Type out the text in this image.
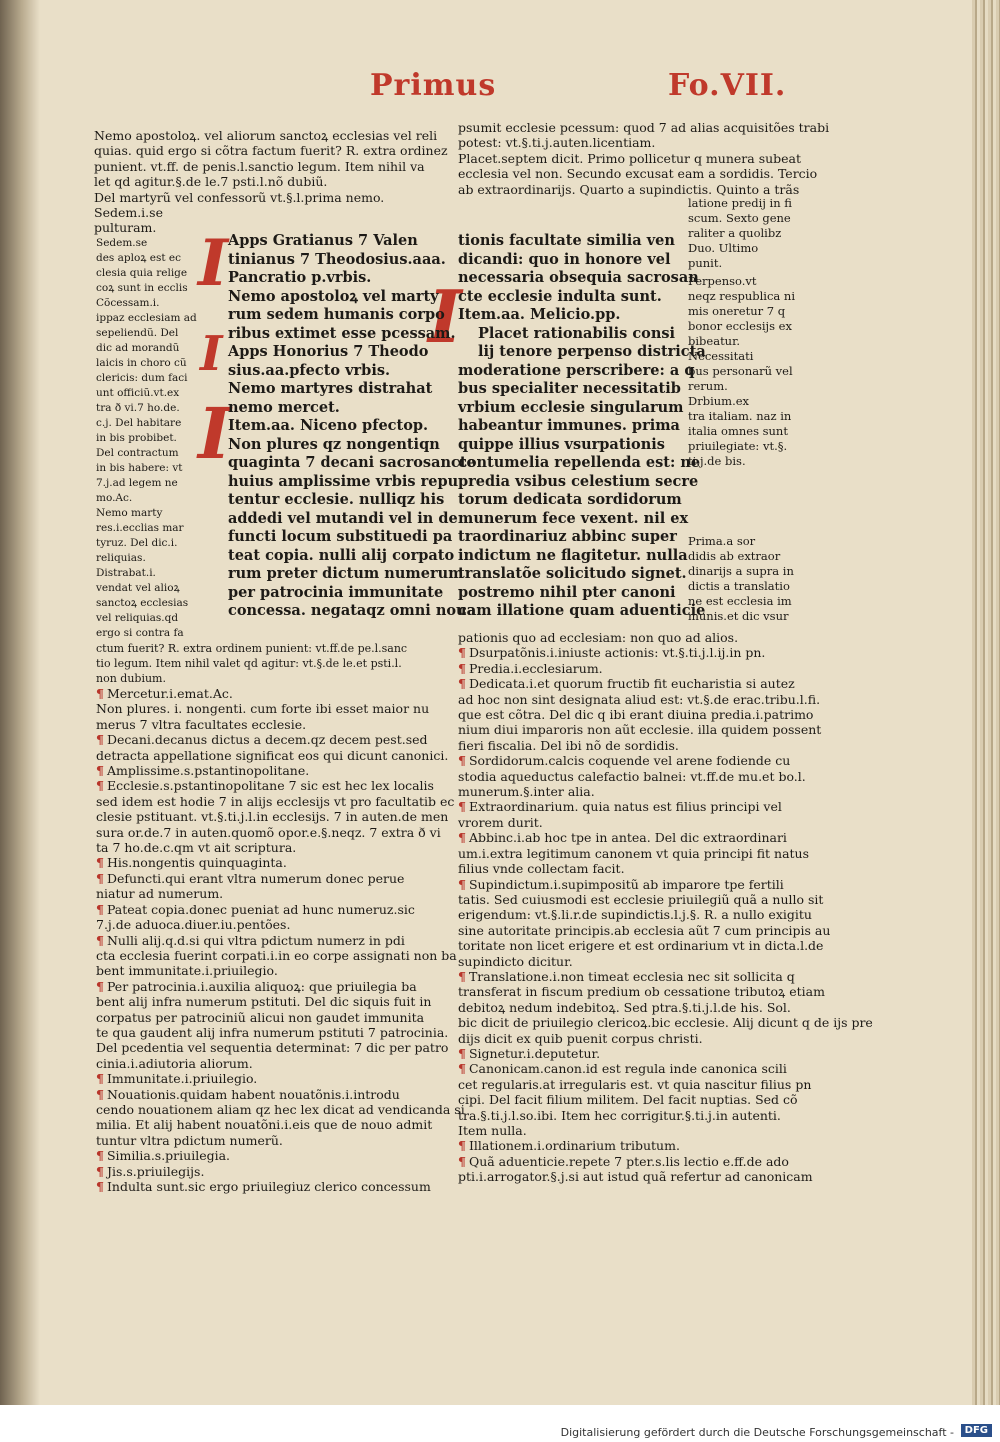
Primus	Fo.VII.

Nemo apostoloꝝ. vel aliorum sanctoꝝ ecclesias vel reli

quias. quid ergo si cõtra factum fuerit? R. extra ordinez

punient. vt.ff. de penis.l.sanctio legum. Item nihil va

let qd agitur.§.de le.7 psti.l.nõ dubiũ.

Del martyrũ vel confessorũ vt.§.l.prima nemo.

Sedem.i.se

pulturam.

Sedem.se

des aploꝝ est ec

clesia quia relige

coꝝ sunt in ecclis

Cõcessam.i.

ippaz ecclesiam ad

sepeliendũ. Del

dic ad morandũ

laicis in choro cũ

clericis: dum faci

unt officiũ.vt.ex

tra ð vi.7 ho.de.

c.j. Del habitare

in bis probibet.

Del contractum

in bis habere: vt

7.j.ad legem ne

mo.Ac.

Nemo marty

res.i.ecclias mar

tyruz. Del dic.i.

reliquias.

Distrabat.i.

vendat vel alioꝝ

sanctoꝝ ecclesias

vel reliquias.qd

ergo si contra fa

ctum fuerit? R. extra ordinem punient: vt.ff.de pe.l.sanc

tio legum. Item nihil valet qd agitur: vt.§.de le.et psti.l.

non dubium.

I
I
I
I

Apps Gratianus 7 Valen

tinianus 7 Theodosius.aaa.

Pancratio p.vrbis.

Nemo apostoloꝝ vel marty

rum sedem humanis corpo

ribus extimet esse pcessam.

Apps Honorius 7 Theodo

sius.aa.pfecto vrbis.

Nemo martyres distrahat

nemo mercet.

Item.aa. Niceno pfectop.

Non plures qz nongentiqn

quaginta 7 decani sacrosancte

huius amplissime vrbis repu

tentur ecclesie. nulliqz his

addedi vel mutandi vel in de

functi locum substituedi pa

teat copia. nulli alij corpato

rum preter dictum numerum

per patrocinia immunitate

concessa. negataqz omni noua

tionis facultate similia ven

dicandi: quo in honore vel

necessaria obsequia sacrosan

cte ecclesie indulta sunt.

Item.aa. Melicio.pp.

Placet rationabilis consi

lij tenore perpenso districta

moderatione perscribere: a q

bus specialiter necessitatib

vrbium ecclesie singularum

habeantur immunes. prima

quippe illius vsurpationis

contumelia repellenda est: ne

predia vsibus celestium secre

torum dedicata sordidorum

munerum fece vexent. nil ex

traordinariuz abbinc super

indictum ne flagitetur. nulla

translatõe solicitudo signet.

postremo nihil pter canoni

cam illatione quam aduenticie

psumit ecclesie pcessum: quod 7 ad alias acquisitões trabi

potest: vt.§.ti.j.auten.licentiam.

Placet.septem dicit. Primo pollicetur q munera subeat

ecclesia vel non. Secundo excusat eam a sordidis. Tercio

ab extraordinarijs. Quarto a supindictis. Quinto a trãs

latione predij in fi

scum. Sexto gene

raliter a quolibz

Duo. Ultimo

punit.

Perpenso.vt

neqz respublica ni

mis oneretur 7 q

bonor ecclesijs ex

bibeatur.

Necessitati

bus personarũ vel

rerum.

Drbium.ex

tra italiam. naz in

italia omnes sunt

priuilegiate: vt.§.

ti.j.de bis.

Prima.a sor

didis ab extraor

dinarijs a supra in

dictis a translatio

ne est ecclesia im

munis.et dic vsur

¶ Mercetur.i.emat.Ac.

Non plures. i. nongenti. cum forte ibi esset maior nu

merus 7 vltra facultates ecclesie.

¶ Decani.decanus dictus a decem.qz decem pest.sed

detracta appellatione significat eos qui dicunt canonici.

¶ Amplissime.s.pstantinopolitane.

¶ Ecclesie.s.pstantinopolitane 7 sic est hec lex localis

sed idem est hodie 7 in alijs ecclesijs vt pro facultatib ec

clesie pstituant. vt.§.ti.j.l.in ecclesijs. 7 in auten.de men

sura or.de.7 in auten.quomõ opor.e.§.neqz. 7 extra ð vi

ta 7 ho.de.c.qm vt ait scriptura.

¶ His.nongentis quinquaginta.

¶ Defuncti.qui erant vltra numerum donec perue

niatur ad numerum.

¶ Pateat copia.donec pueniat ad hunc numeruz.sic

7.j.de aduoca.diuer.iu.pentões.

¶ Nulli alij.q.d.si qui vltra pdictum numerz in pdi

cta ecclesia fuerint corpati.i.in eo corpe assignati non ba

bent immunitate.i.priuilegio.

¶ Per patrocinia.i.auxilia aliquoꝝ: que priuilegia ba

bent alij infra numerum pstituti. Del dic siquis fuit in

corpatus per patrociniũ alicui non gaudet immunita

te qua gaudent alij infra numerum pstituti 7 patrocinia.

Del pcedentia vel sequentia determinat: 7 dic per patro

cinia.i.adiutoria aliorum.

¶ Immunitate.i.priuilegio.

¶ Nouationis.quidam habent nouatõnis.i.introdu

cendo nouationem aliam qz hec lex dicat ad vendicanda si

milia. Et alij habent nouatõni.i.eis que de nouo admit

tuntur vltra pdictum numerũ.

¶ Similia.s.priuilegia.

¶ Jis.s.priuilegijs.

¶ Indulta sunt.sic ergo priuilegiuz clerico concessum

pationis quo ad ecclesiam: non quo ad alios.

¶ Dsurpatõnis.i.iniuste actionis: vt.§.ti.j.l.ij.in pn.

¶ Predia.i.ecclesiarum.

¶ Dedicata.i.et quorum fructib fit eucharistia si autez

ad hoc non sint designata aliud est: vt.§.de erac.tribu.l.fi.

que est cõtra. Del dic q ibi erant diuina predia.i.patrimo

nium diui imparoris non aũt ecclesie. illa quidem possent

fieri fiscalia. Del ibi nõ de sordidis.

¶ Sordidorum.calcis coquende vel arene fodiende cu

stodia aqueductus calefactio balnei: vt.ff.de mu.et bo.l.

munerum.§.inter alia.

¶ Extraordinarium. quia natus est filius principi vel

vrorem durit.

¶ Abbinc.i.ab hoc tpe in antea. Del dic extraordinari

um.i.extra legitimum canonem vt quia principi fit natus

filius vnde collectam facit.

¶ Supindictum.i.supimpositũ ab imparore tpe fertili

tatis. Sed cuiusmodi est ecclesie priuilegiũ quã a nullo sit

erigendum: vt.§.li.r.de supindictis.l.j.§. R. a nullo exigitu

sine autoritate principis.ab ecclesia aũt 7 cum principis au

toritate non licet erigere et est ordinarium vt in dicta.l.de

supindicto dicitur.

¶ Translatione.i.non timeat ecclesia nec sit sollicita q

transferat in fiscum predium ob cessatione tributoꝝ etiam

debitoꝝ nedum indebitoꝝ. Sed ptra.§.ti.j.l.de his. Sol.

bic dicit de priuilegio clericoꝝ.bic ecclesie. Alij dicunt q de ijs pre

dijs dicit ex quib puenit corpus christi.

¶ Signetur.i.deputetur.

¶ Canonicam.canon.id est regula inde canonica scili

cet regularis.at irregularis est. vt quia nascitur filius pn

cipi. Del facit filium militem. Del facit nuptias. Sed cõ

tra.§.ti.j.l.so.ibi. Item hec corrigitur.§.ti.j.in autenti.

Item nulla.

¶ Illationem.i.ordinarium tributum.

¶ Quã aduenticie.repete 7 pter.s.lis lectio e.ff.de ado

pti.i.arrogator.§.j.si aut istud quã refertur ad canonicam

Digitalisierung gefördert durch die Deutsche Forschungsgemeinschaft -	DFG
